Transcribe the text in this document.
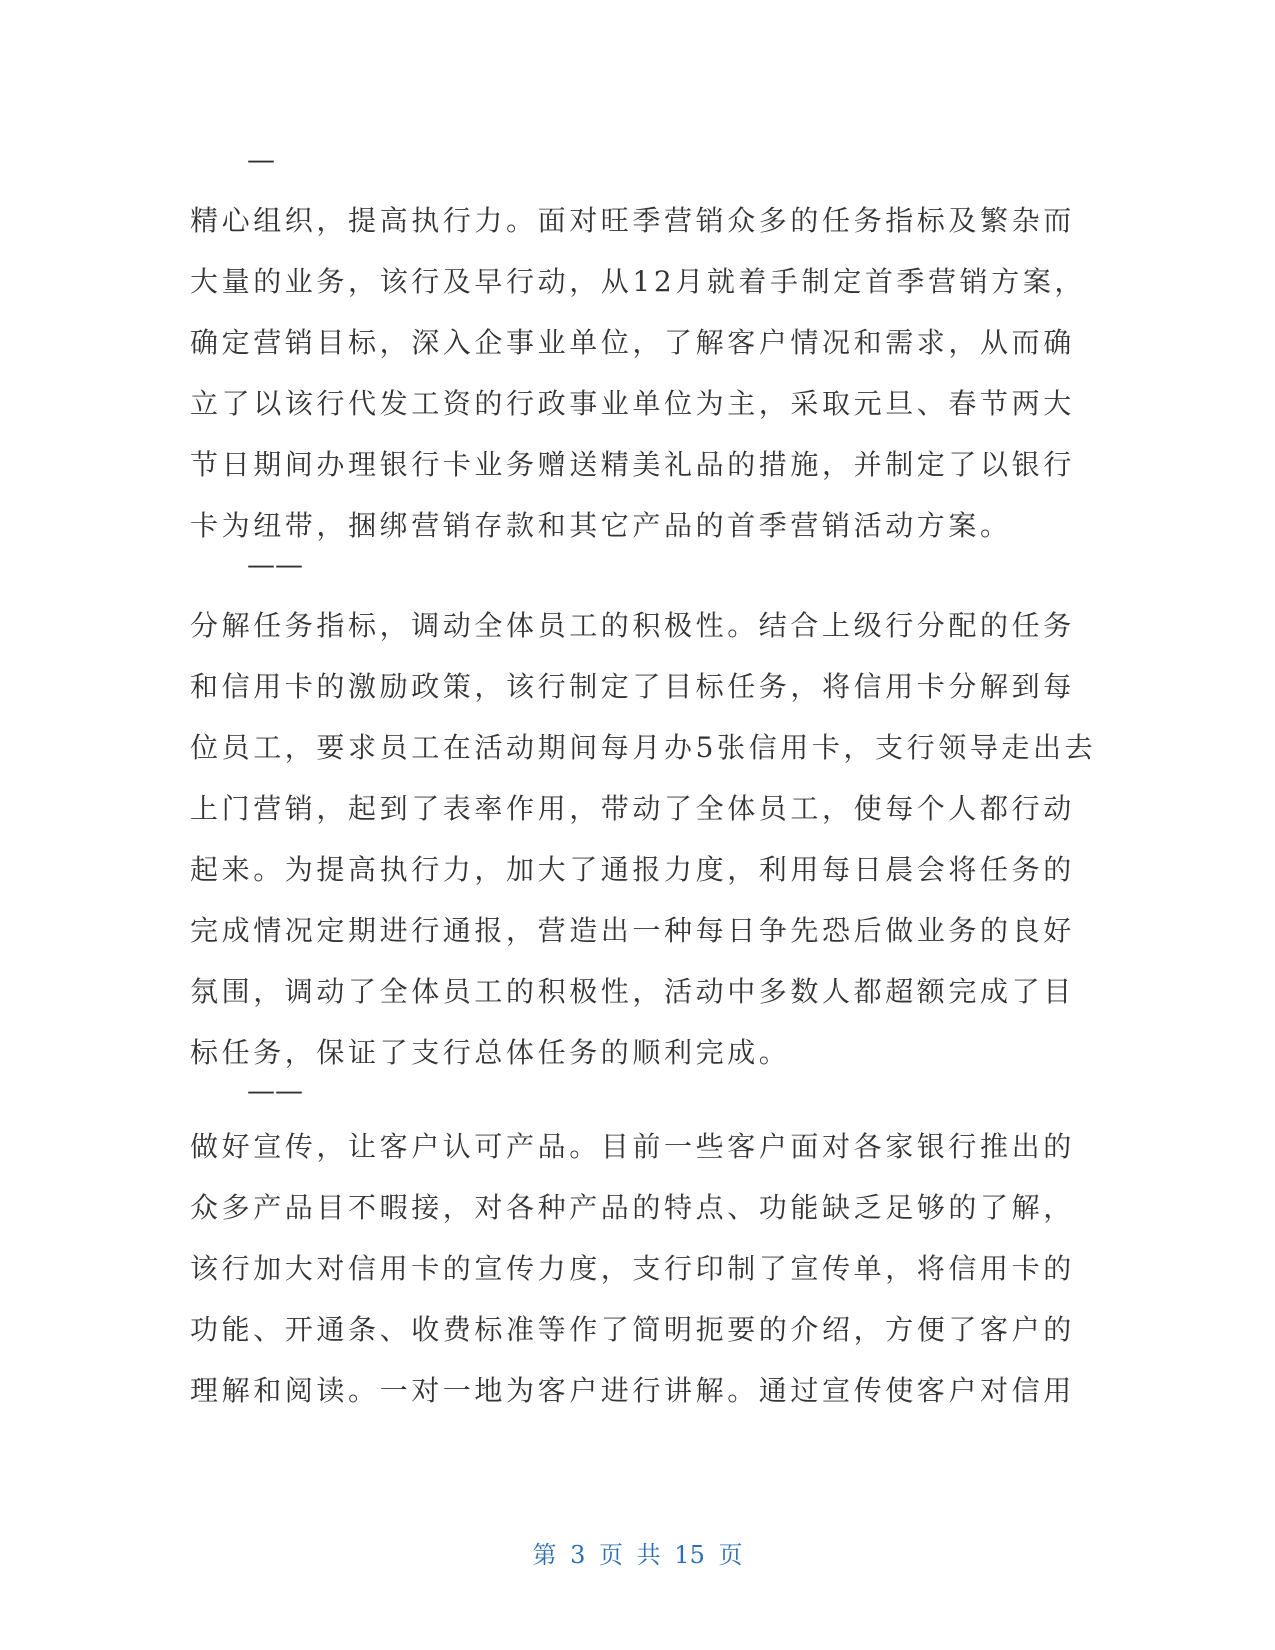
—
精心组织，提高执行力。面对旺季营销众多的任务指标及繁杂而
大量的业务，该行及早行动，从12月就着手制定首季营销方案，
确定营销目标，深入企事业单位，了解客户情况和需求，从而确
立了以该行代发工资的行政事业单位为主，采取元旦、春节两大
节日期间办理银行卡业务赠送精美礼品的措施，并制定了以银行
卡为纽带，捆绑营销存款和其它产品的首季营销活动方案。
——
分解任务指标，调动全体员工的积极性。结合上级行分配的任务
和信用卡的激励政策，该行制定了目标任务，将信用卡分解到每
位员工，要求员工在活动期间每月办5张信用卡，支行领导走出去
上门营销，起到了表率作用，带动了全体员工，使每个人都行动
起来。为提高执行力，加大了通报力度，利用每日晨会将任务的
完成情况定期进行通报，营造出一种每日争先恐后做业务的良好
氛围，调动了全体员工的积极性，活动中多数人都超额完成了目
标任务，保证了支行总体任务的顺利完成。
——
做好宣传，让客户认可产品。目前一些客户面对各家银行推出的
众多产品目不暇接，对各种产品的特点、功能缺乏足够的了解，
该行加大对信用卡的宣传力度，支行印制了宣传单，将信用卡的
功能、开通条、收费标准等作了简明扼要的介绍，方便了客户的
理解和阅读。一对一地为客户进行讲解。通过宣传使客户对信用
第 3 页 共 15 页
